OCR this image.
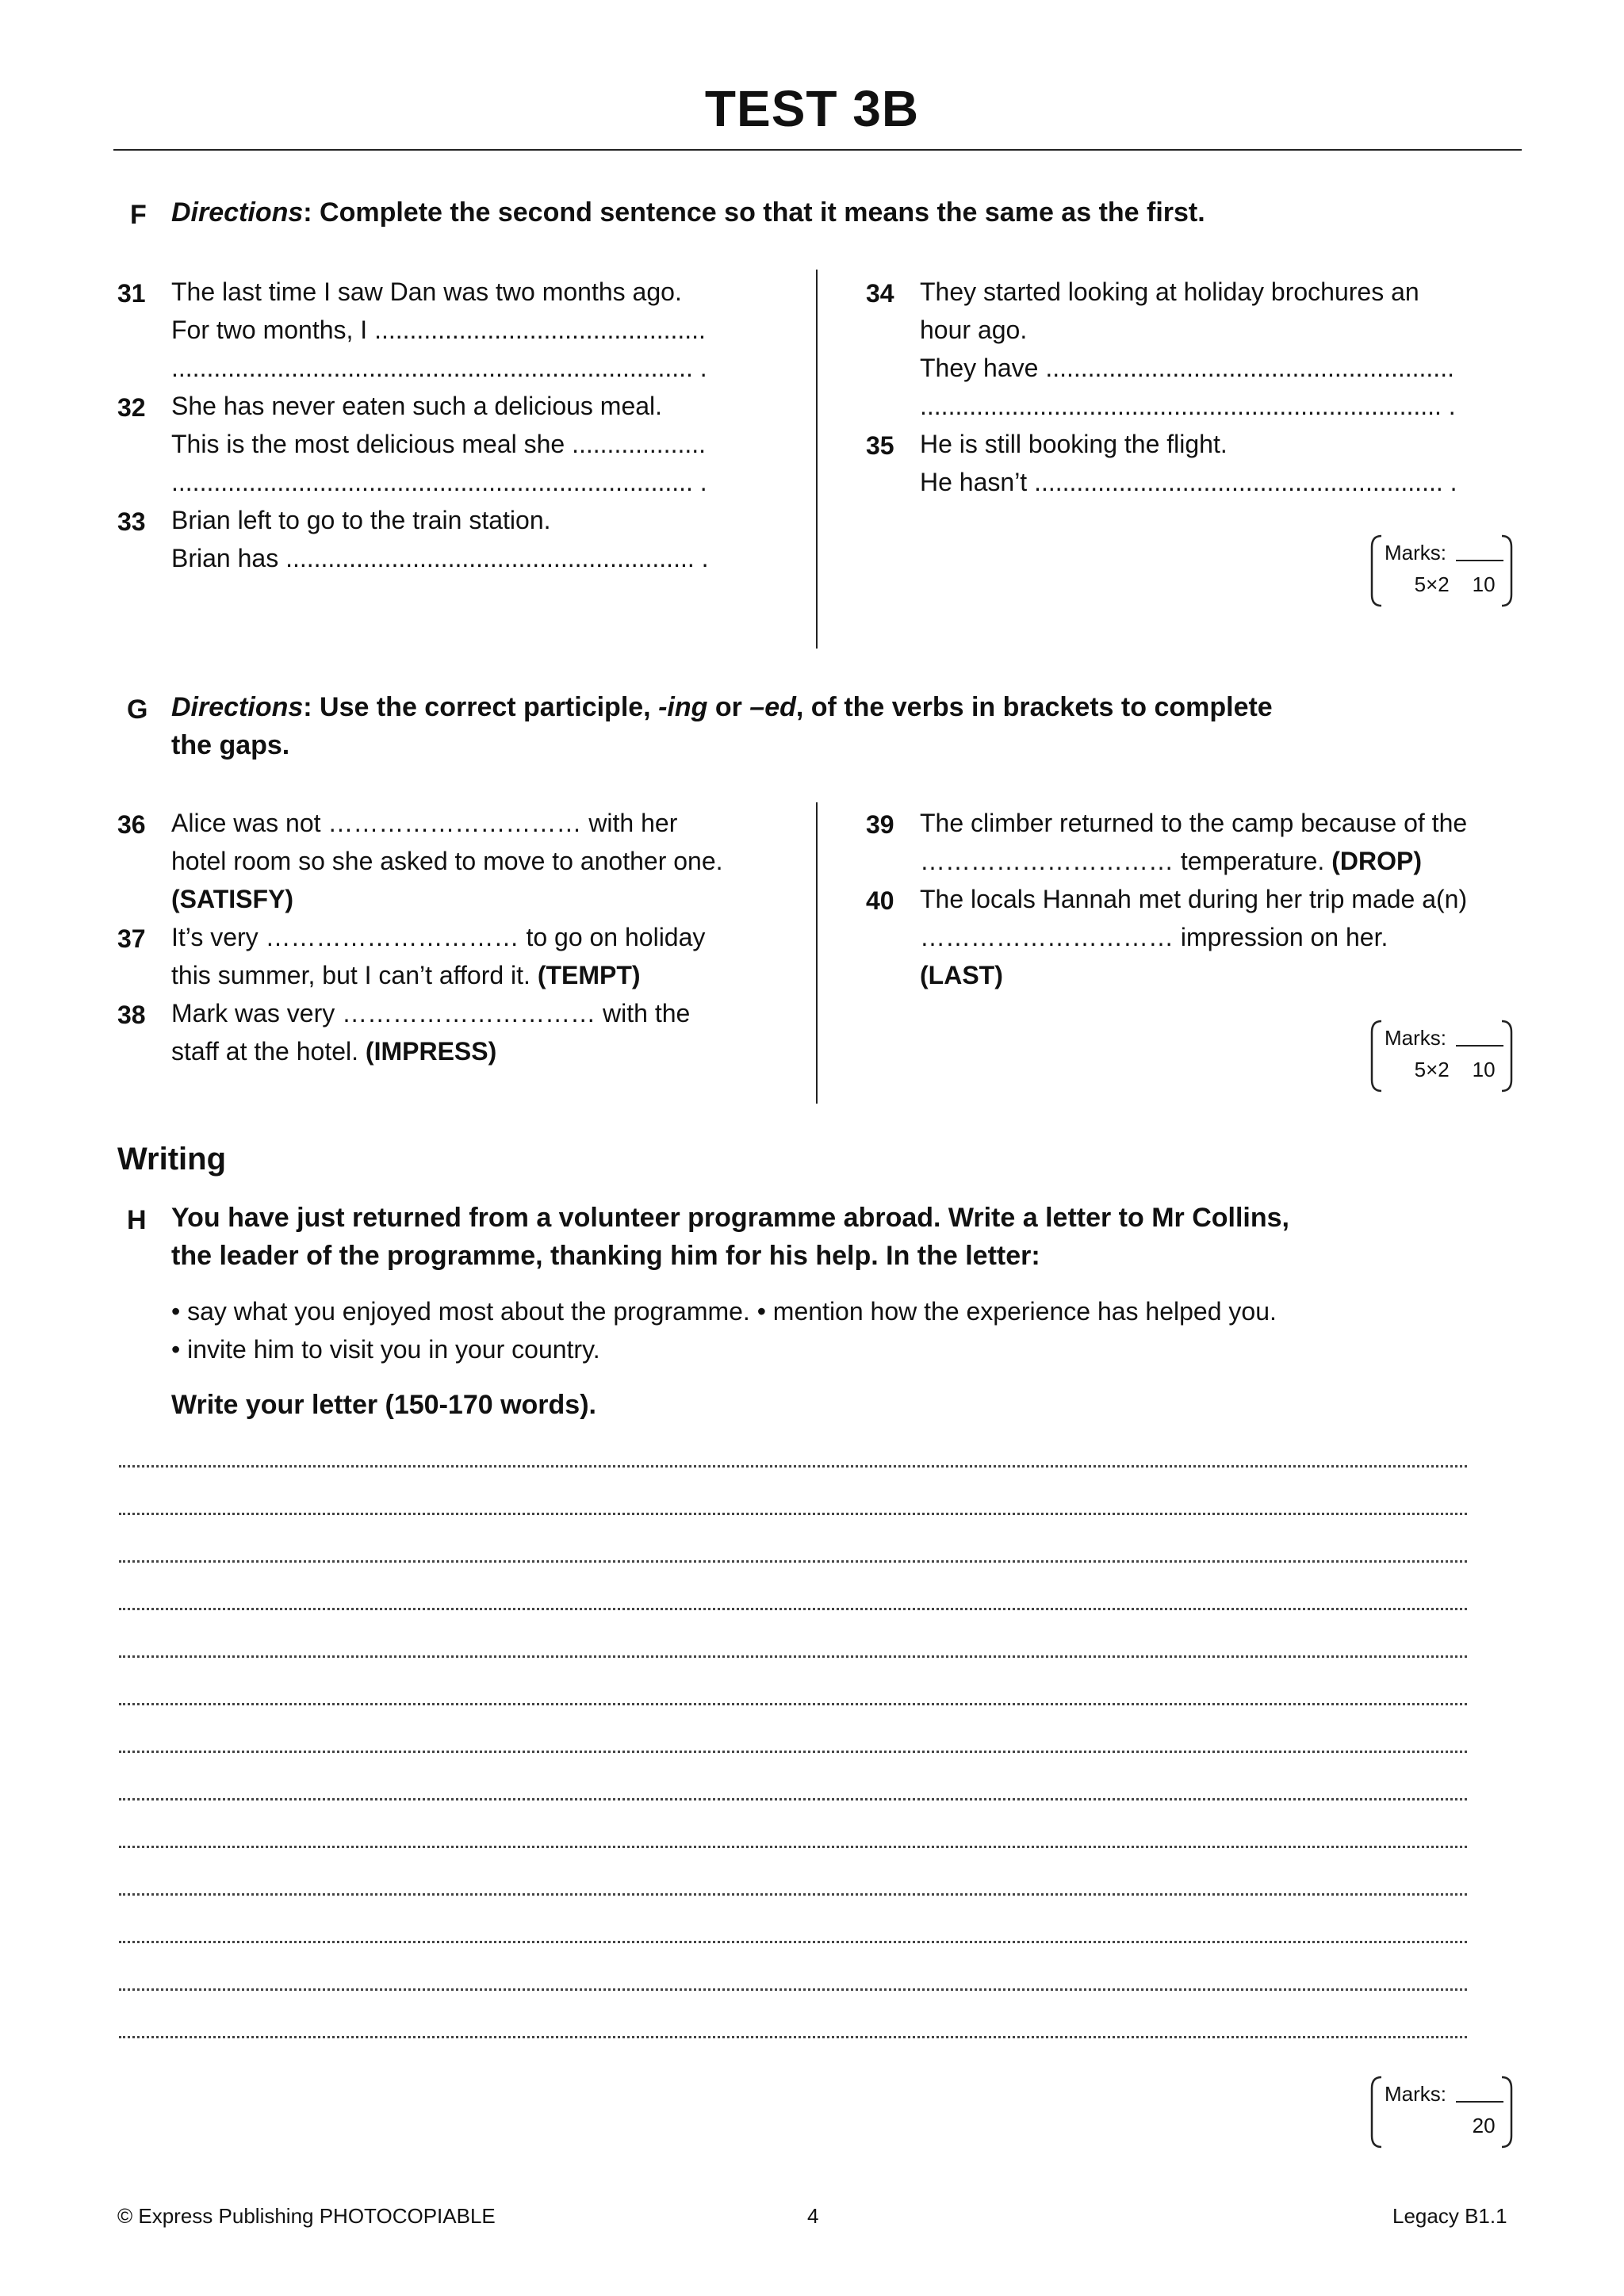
TEST 3B
F Directions: Complete the second sentence so that it means the same as the first.
31 The last time I saw Dan was two months ago.
For two months, I ...............................................
.......................................................................... .
32 She has never eaten such a delicious meal.
This is the most delicious meal she ...................
.......................................................................... .
33 Brian left to go to the train station.
Brian has .......................................................... .
34 They started looking at holiday brochures an
hour ago.
They have ..........................................................
.......................................................................... .
35 He is still booking the flight.
He hasn’t .......................................................... .
Marks:
5×2 10
G Directions: Use the correct participle, -ing or –ed, of the verbs in brackets to complete
the gaps.
36 Alice was not ………………………… with her
hotel room so she asked to move to another one.
(SATISFY)
37 It’s very ………………………… to go on holiday
this summer, but I can’t afford it. (TEMPT)
38 Mark was very ………………………… with the
staff at the hotel. (IMPRESS)
39 The climber returned to the camp because of the
………………………… temperature. (DROP)
40 The locals Hannah met during her trip made a(n)
………………………… impression on her.
(LAST)
Marks:
5×2 10
Writing
H You have just returned from a volunteer programme abroad. Write a letter to Mr Collins,
the leader of the programme, thanking him for his help. In the letter:
• say what you enjoyed most about the programme. • mention how the experience has helped you.
• invite him to visit you in your country.
Write your letter (150-170 words).
Marks:
20
© Express Publishing PHOTOCOPIABLE	4	Legacy B1.1
